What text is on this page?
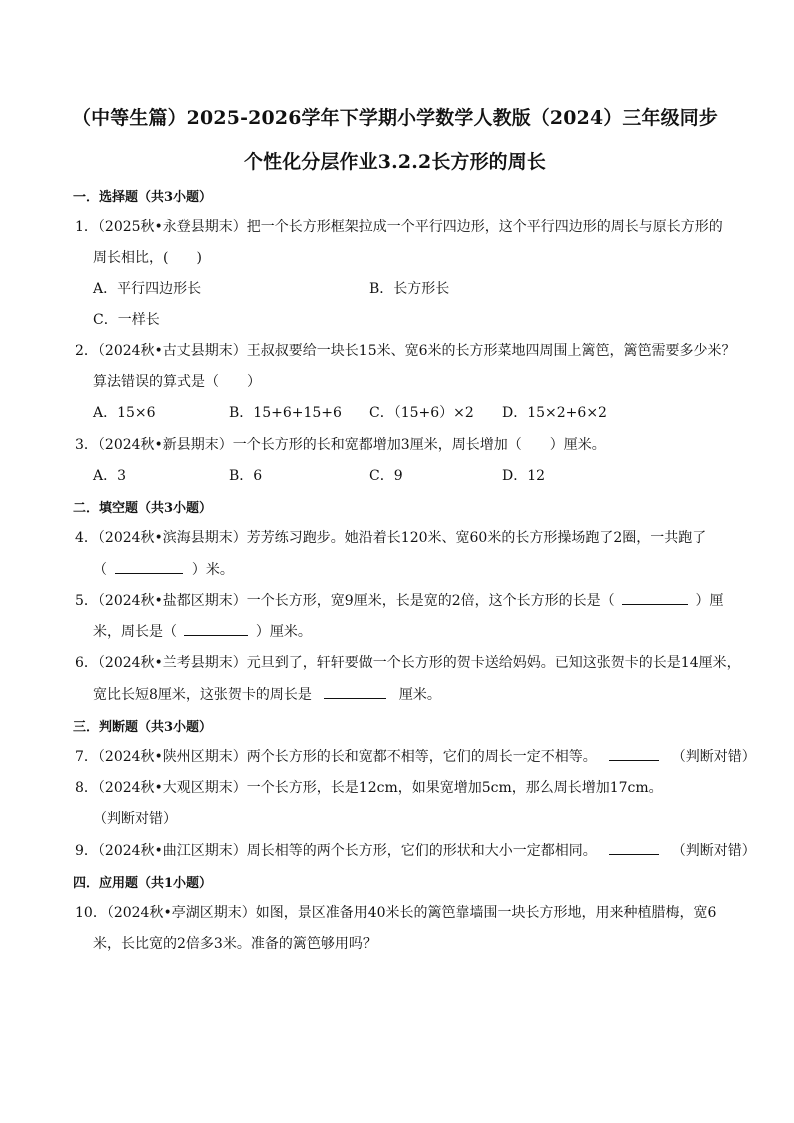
（中等生篇）2025-2026学年下学期小学数学人教版（2024）三年级同步
个性化分层作业3.2.2长方形的周长
一．选择题（共3小题）
1．（2025秋•永登县期末）把一个长方形框架拉成一个平行四边形，这个平行四边形的周长与原长方形的
周长相比，(　　)
A．平行四边形长	B．长方形长
C．一样长
2．（2024秋•古丈县期末）王叔叔要给一块长15米、宽6米的长方形菜地四周围上篱笆，篱笆需要多少米？
算法错误的算式是（　　）
A．15×6	B．15+6+15+6 C．（15+6）×2 D．15×2+6×2
3．（2024秋•新县期末）一个长方形的长和宽都增加3厘米，周长增加（　　）厘米。
A．3	B．6	C．9	D．12
二．填空题（共3小题）
4．（2024秋•滨海县期末）芳芳练习跑步。她沿着长120米、宽60米的长方形操场跑了2圈，一共跑了
（	）米。
5．（2024秋•盐都区期末）一个长方形，宽9厘米，长是宽的2倍，这个长方形的长是（	）厘
米，周长是（	）厘米。
6．（2024秋•兰考县期末）元旦到了，轩轩要做一个长方形的贺卡送给妈妈。已知这张贺卡的长是14厘米，
宽比长短8厘米，这张贺卡的周长是	厘米。
三．判断题（共3小题）
7．（2024秋•陕州区期末）两个长方形的长和宽都不相等，它们的周长一定不相等。	（判断对错）
8．（2024秋•大观区期末）一个长方形，长是12cm，如果宽增加5cm，那么周长增加17cm。
（判断对错）
9．（2024秋•曲江区期末）周长相等的两个长方形，它们的形状和大小一定都相同。	（判断对错）
四．应用题（共1小题）
10．（2024秋•亭湖区期末）如图，景区准备用40米长的篱笆靠墙围一块长方形地，用来种植腊梅，宽6
米，长比宽的2倍多3米。准备的篱笆够用吗？
